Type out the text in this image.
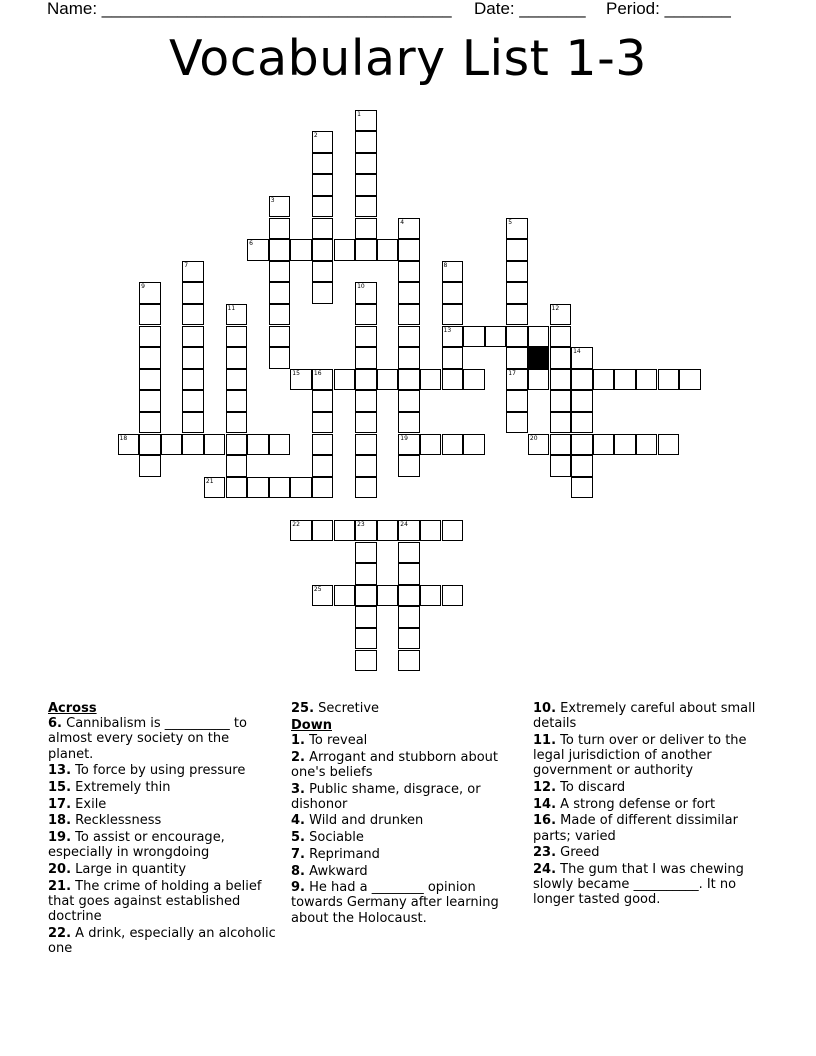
Name: _____________________________________ Date: _______ Period: _______
Vocabulary List 1-3
1
2
3
4
19
5
17
6
7	8
13
9	10
11	12
14
15 16
18	20
21
22	23	24
25
Across
6. Cannibalism is __________ to almost every society on the planet.
13. To force by using pressure
15. Extremely thin
17. Exile
18. Recklessness
19. To assist or encourage, especially in wrongdoing
20. Large in quantity
21. The crime of holding a belief that goes against established doctrine
22. A drink, especially an alcoholic one
25. Secretive
Down
1. To reveal
2. Arrogant and stubborn about one's beliefs
3. Public shame, disgrace, or dishonor
4. Wild and drunken
5. Sociable
7. Reprimand
8. Awkward
9. He had a ________ opinion towards Germany after learning about the Holocaust.
10. Extremely careful about small details
11. To turn over or deliver to the legal jurisdiction of another government or authority
12. To discard
14. A strong defense or fort
16. Made of different dissimilar parts; varied
23. Greed
24. The gum that I was chewing slowly became __________. It no longer tasted good.
